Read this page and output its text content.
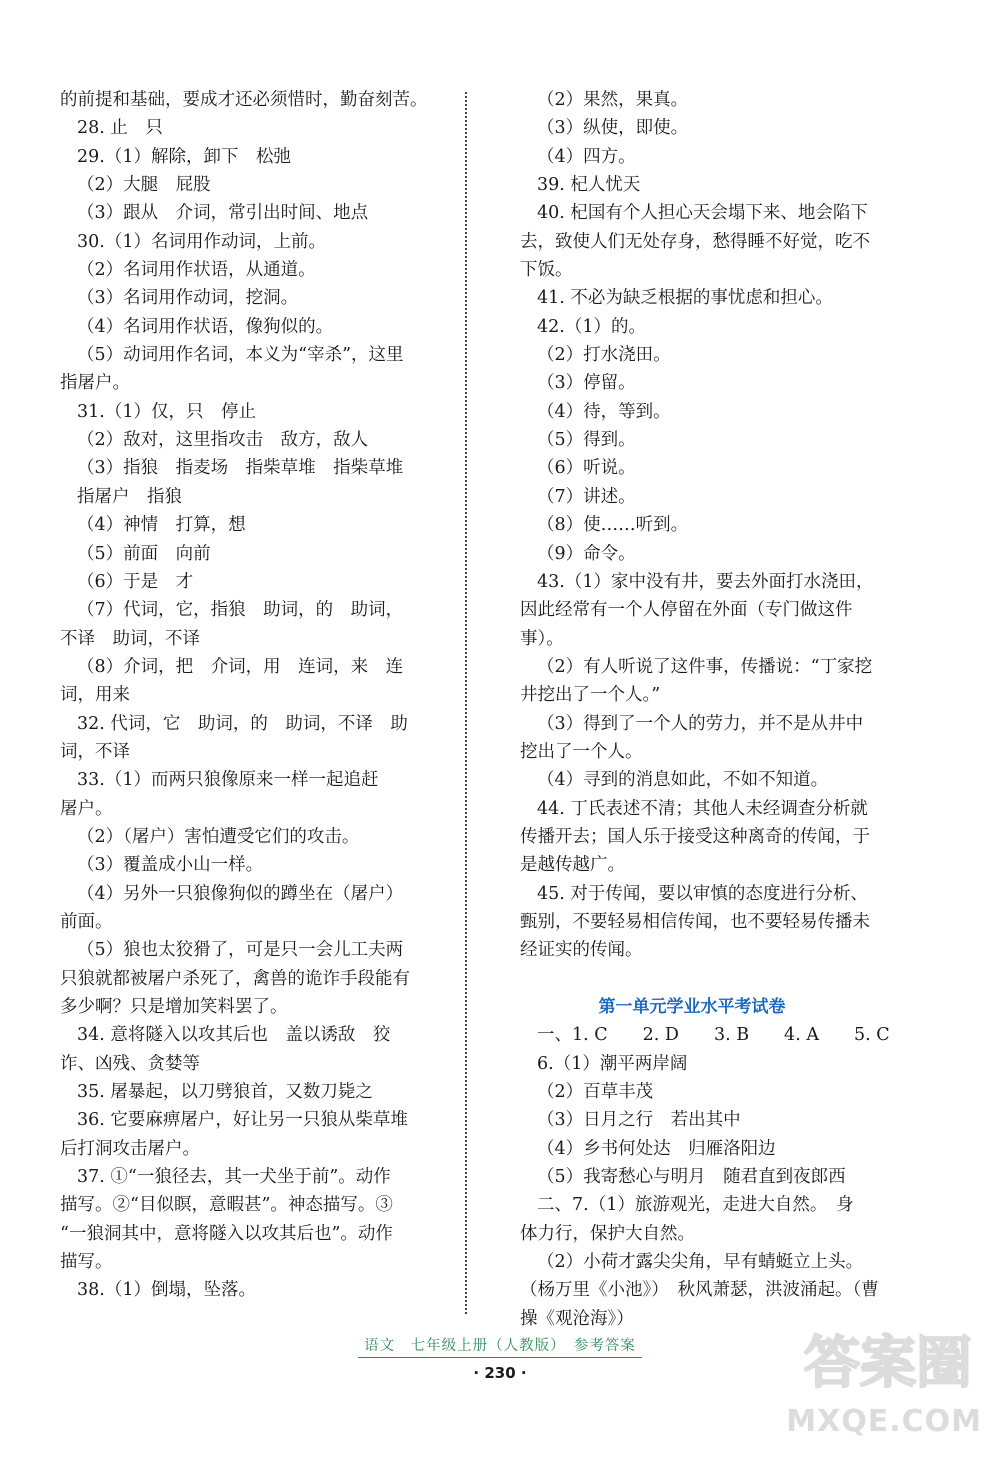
的前提和基础，要成才还必须惜时，勤奋刻苦。
28. 止　只
29.（1）解除，卸下　松弛
（2）大腿　屁股
（3）跟从　介词，常引出时间、地点
30.（1）名词用作动词，上前。
（2）名词用作状语，从通道。
（3）名词用作动词，挖洞。
（4）名词用作状语，像狗似的。
（5）动词用作名词，本义为“宰杀”，这里
指屠户。
31.（1）仅，只　停止
（2）敌对，这里指攻击　敌方，敌人
（3）指狼　指麦场　指柴草堆　指柴草堆
指屠户　指狼
（4）神情　打算，想
（5）前面　向前
（6）于是　才
（7）代词，它，指狼　助词，的　助词，
不译　助词，不译
（8）介词，把　介词，用　连词，来　连
词，用来
32. 代词，它　助词，的　助词，不译　助
词，不译
33.（1）而两只狼像原来一样一起追赶
屠户。
（2）（屠户）害怕遭受它们的攻击。
（3）覆盖成小山一样。
（4）另外一只狼像狗似的蹲坐在（屠户）
前面。
（5）狼也太狡猾了，可是只一会儿工夫两
只狼就都被屠户杀死了，禽兽的诡诈手段能有
多少啊？只是增加笑料罢了。
34. 意将隧入以攻其后也　盖以诱敌　狡
诈、凶残、贪婪等
35. 屠暴起，以刀劈狼首，又数刀毙之
36. 它要麻痹屠户，好让另一只狼从柴草堆
后打洞攻击屠户。
37. ①“一狼径去，其一犬坐于前”。动作
描写。②“目似瞑，意暇甚”。神态描写。③
“一狼洞其中，意将隧入以攻其后也”。动作
描写。
38.（1）倒塌，坠落。
（2）果然，果真。
（3）纵使，即使。
（4）四方。
39. 杞人忧天
40. 杞国有个人担心天会塌下来、地会陷下
去，致使人们无处存身，愁得睡不好觉，吃不
下饭。
41. 不必为缺乏根据的事忧虑和担心。
42.（1）的。
（2）打水浇田。
（3）停留。
（4）待，等到。
（5）得到。
（6）听说。
（7）讲述。
（8）使……听到。
（9）命令。
43.（1）家中没有井，要去外面打水浇田，
因此经常有一个人停留在外面（专门做这件
事）。
（2）有人听说了这件事，传播说：“丁家挖
井挖出了一个人。”
（3）得到了一个人的劳力，并不是从井中
挖出了一个人。
（4）寻到的消息如此，不如不知道。
44. 丁氏表述不清；其他人未经调查分析就
传播开去；国人乐于接受这种离奇的传闻，于
是越传越广。
45. 对于传闻，要以审慎的态度进行分析、
甄别，不要轻易相信传闻，也不要轻易传播未
经证实的传闻。
第一单元学业水平考试卷
一、1. C　　2. D　　3. B　　4. A　　5. C
6.（1）潮平两岸阔
（2）百草丰茂
（3）日月之行　若出其中
（4）乡书何处达　归雁洛阳边
（5）我寄愁心与明月　随君直到夜郎西
二、7.（1）旅游观光，走进大自然。　身
体力行，保护大自然。
（2）小荷才露尖尖角，早有蜻蜓立上头。
（杨万里《小池》）　秋风萧瑟，洪波涌起。（曹
操《观沧海》）
语文　七年级上册（人教版）　参考答案
· 230 ·	答案圈
MXQE.COM
